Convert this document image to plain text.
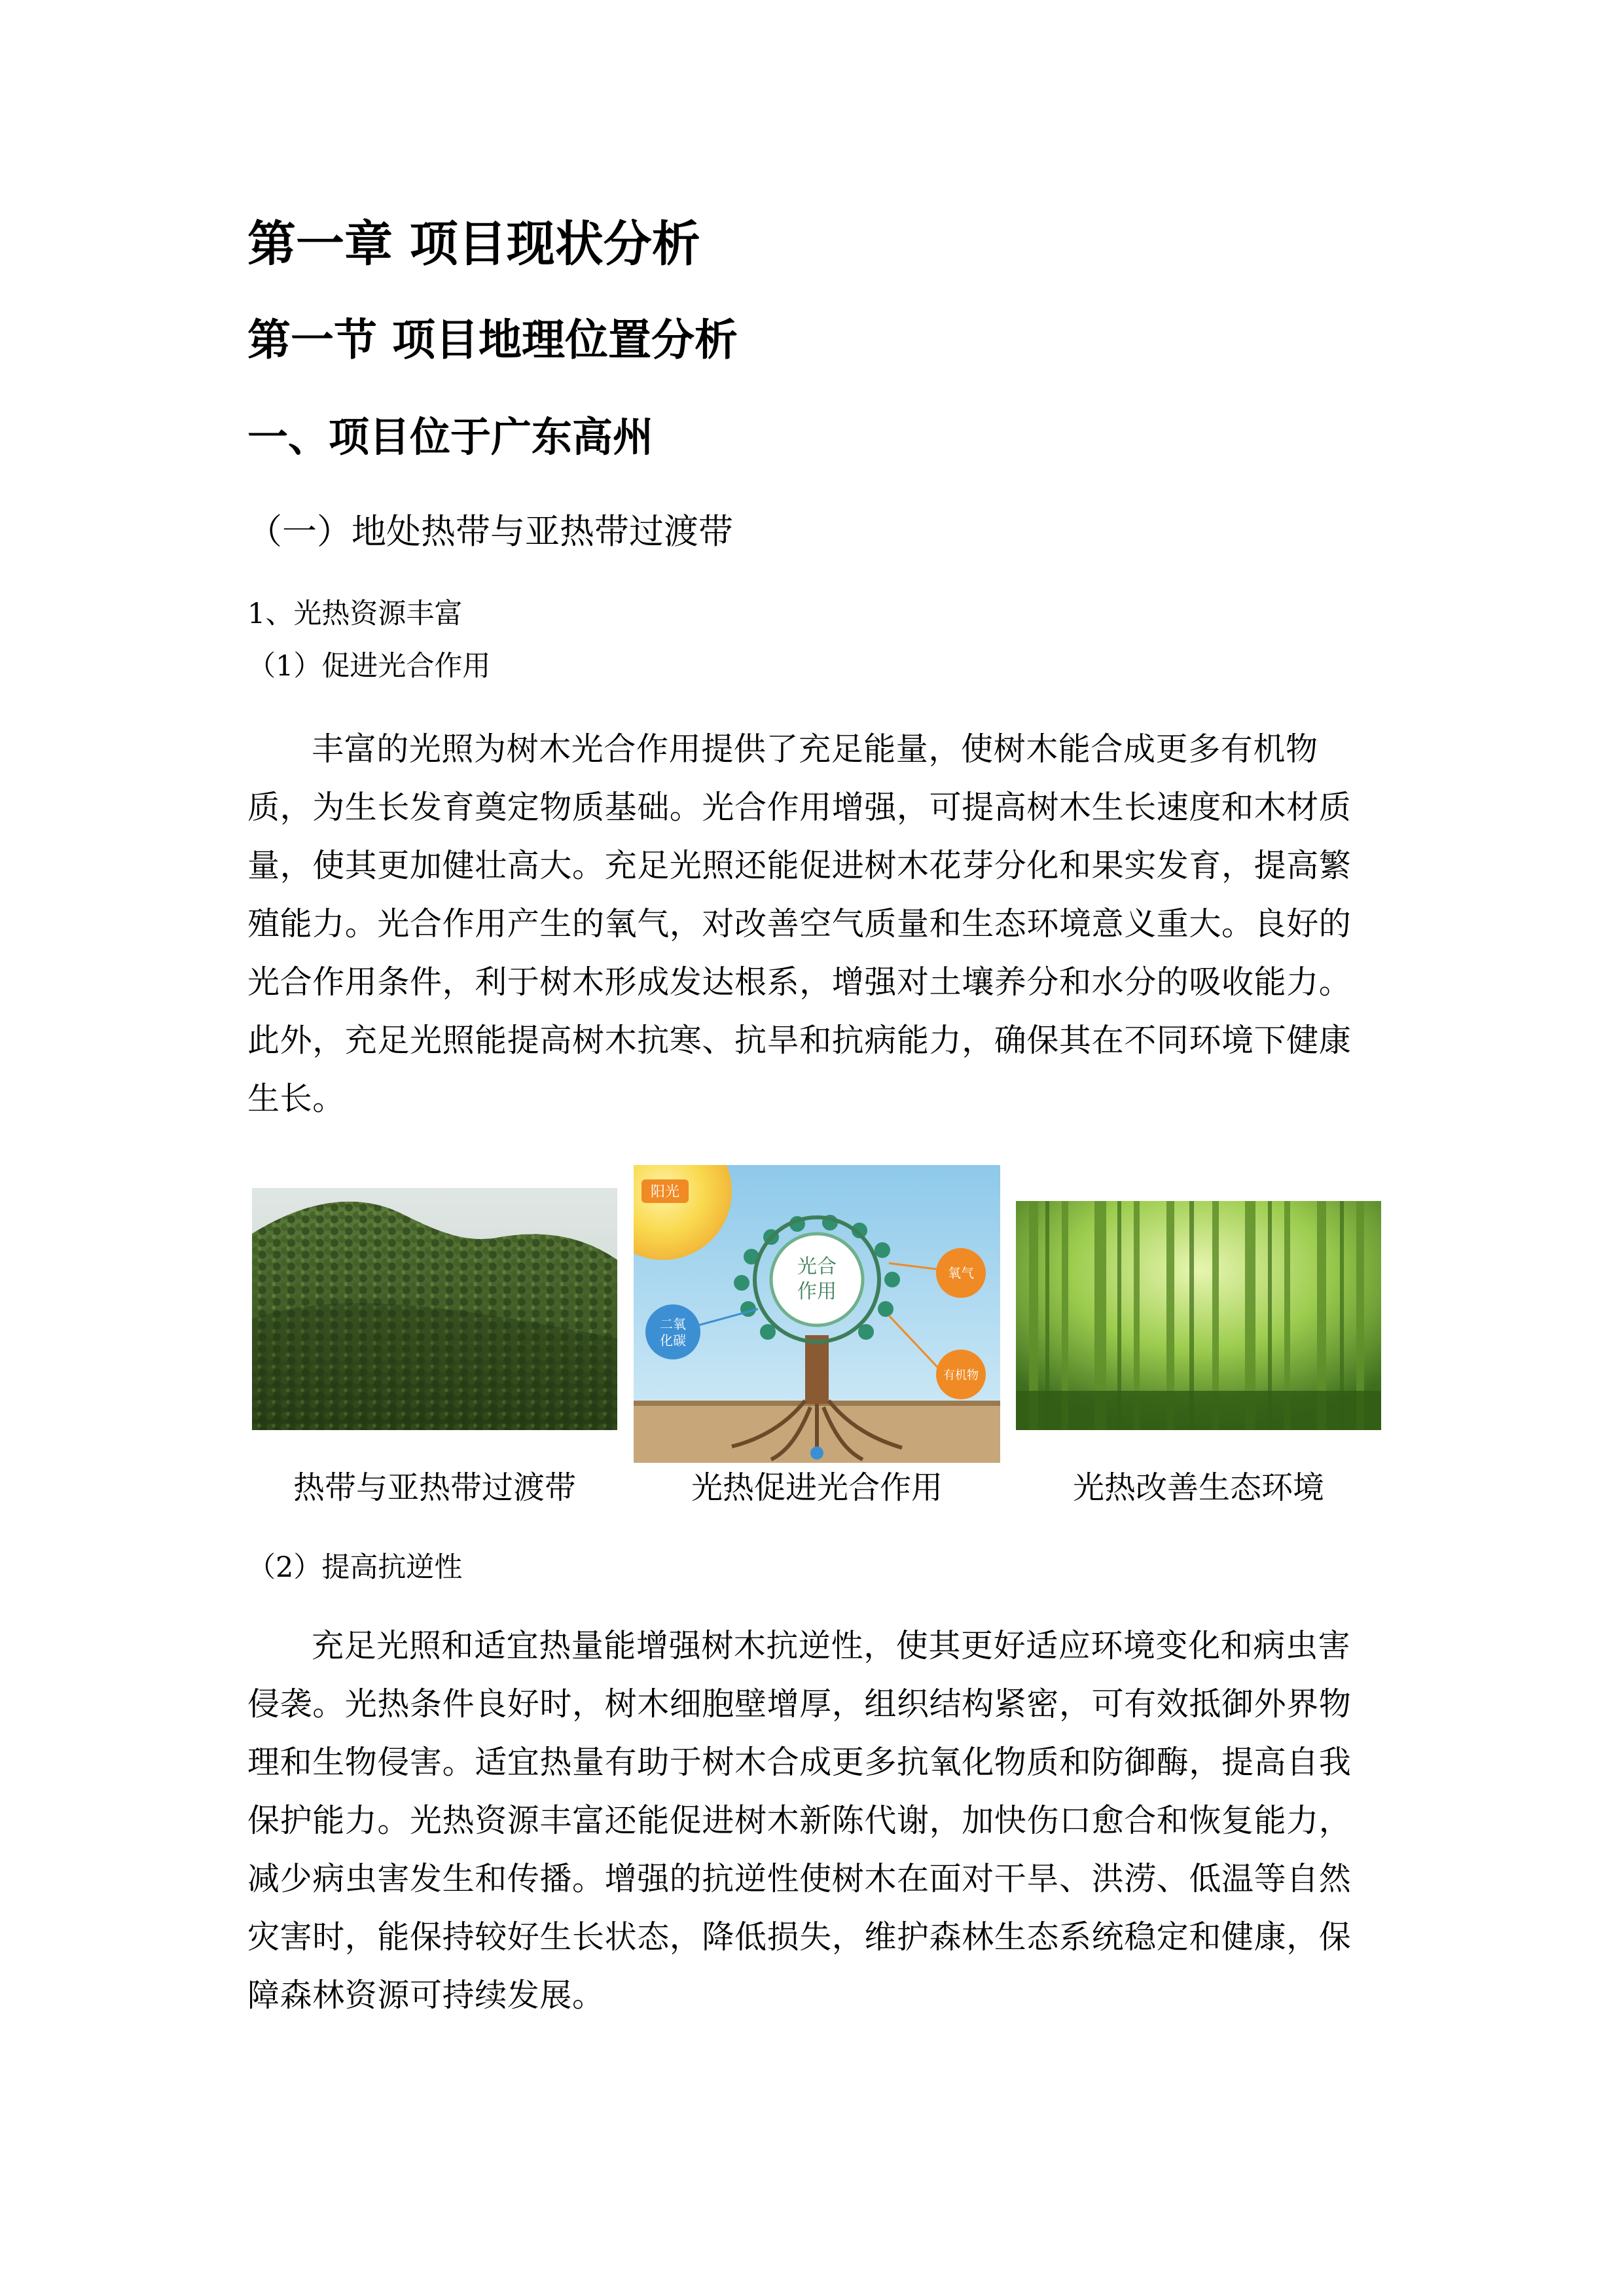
第一章 项目现状分析
第一节 项目地理位置分析
一、项目位于广东高州
（一）地处热带与亚热带过渡带

1、光热资源丰富

（1）促进光合作用

丰富的光照为树木光合作用提供了充足能量，使树木能合成更多有机物
质，为生长发育奠定物质基础。光合作用增强，可提高树木生长速度和木材质
量，使其更加健壮高大。充足光照还能促进树木花芽分化和果实发育，提高繁
殖能力。光合作用产生的氧气，对改善空气质量和生态环境意义重大。良好的
光合作用条件，利于树木形成发达根系，增强对土壤养分和水分的吸收能力。
此外，充足光照能提高树木抗寒、抗旱和抗病能力，确保其在不同环境下健康
生长。
阳光
光合
作用
二氧
化碳
氧气
有机物
热带与亚热带过渡带	光热促进光合作用	光热改善生态环境

（2）提高抗逆性

充足光照和适宜热量能增强树木抗逆性，使其更好适应环境变化和病虫害
侵袭。光热条件良好时，树木细胞壁增厚，组织结构紧密，可有效抵御外界物
理和生物侵害。适宜热量有助于树木合成更多抗氧化物质和防御酶，提高自我
保护能力。光热资源丰富还能促进树木新陈代谢，加快伤口愈合和恢复能力，
减少病虫害发生和传播。增强的抗逆性使树木在面对干旱、洪涝、低温等自然
灾害时，能保持较好生长状态，降低损失，维护森林生态系统稳定和健康，保
障森林资源可持续发展。
